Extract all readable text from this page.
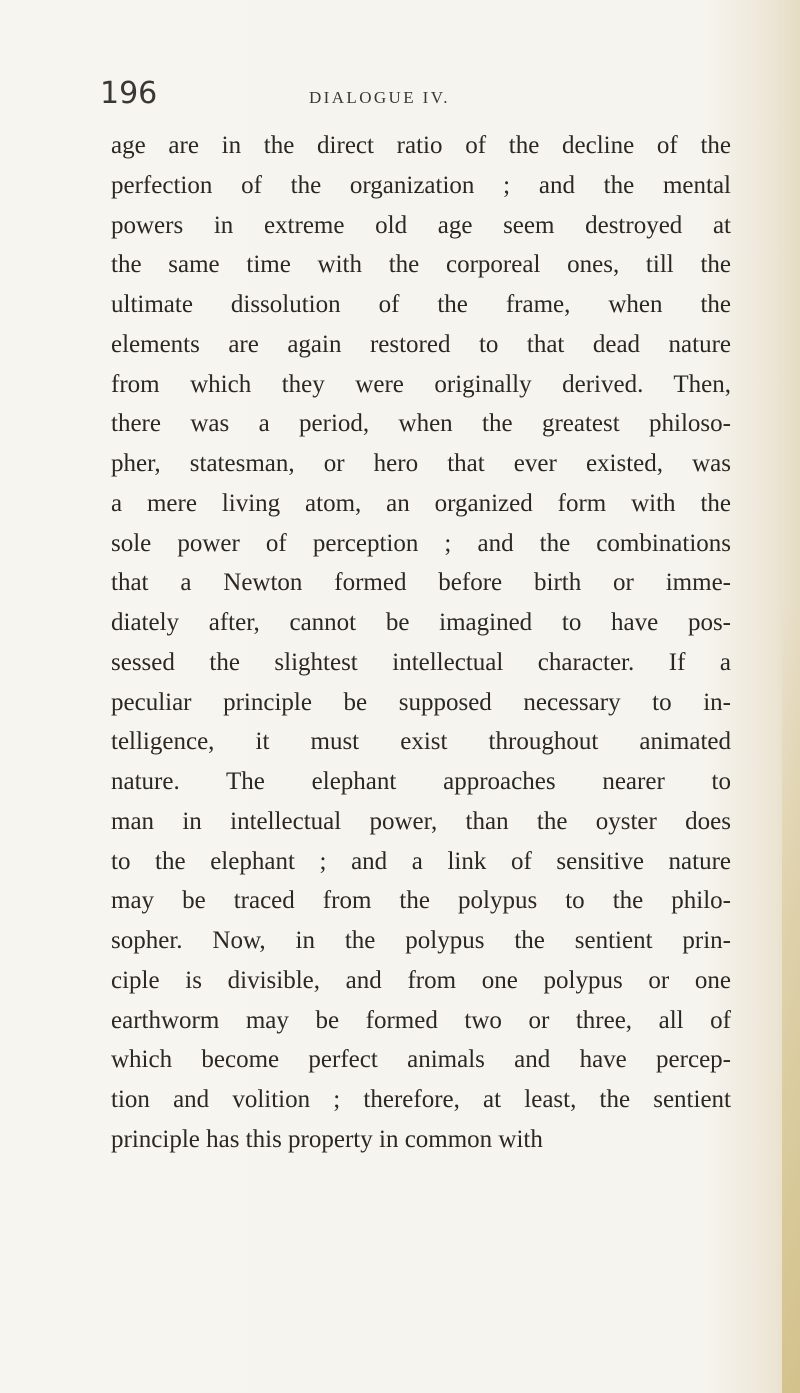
196	DIALOGUE IV.
age are in the direct ratio of the decline of the
perfection of the organization ; and the mental
powers in extreme old age seem destroyed at
the same time with the corporeal ones, till the
ultimate dissolution of the frame, when the
elements are again restored to that dead nature
from which they were originally derived. Then,
there was a period, when the greatest philoso-
pher, statesman, or hero that ever existed, was
a mere living atom, an organized form with the
sole power of perception ; and the combinations
that a Newton formed before birth or imme-
diately after, cannot be imagined to have pos-
sessed the slightest intellectual character. If a
peculiar principle be supposed necessary to in-
telligence, it must exist throughout animated
nature. The elephant approaches nearer to
man in intellectual power, than the oyster does
to the elephant ; and a link of sensitive nature
may be traced from the polypus to the philo-
sopher. Now, in the polypus the sentient prin-
ciple is divisible, and from one polypus or one
earthworm may be formed two or three, all of
which become perfect animals and have percep-
tion and volition ; therefore, at least, the sentient
principle has this property in common with
